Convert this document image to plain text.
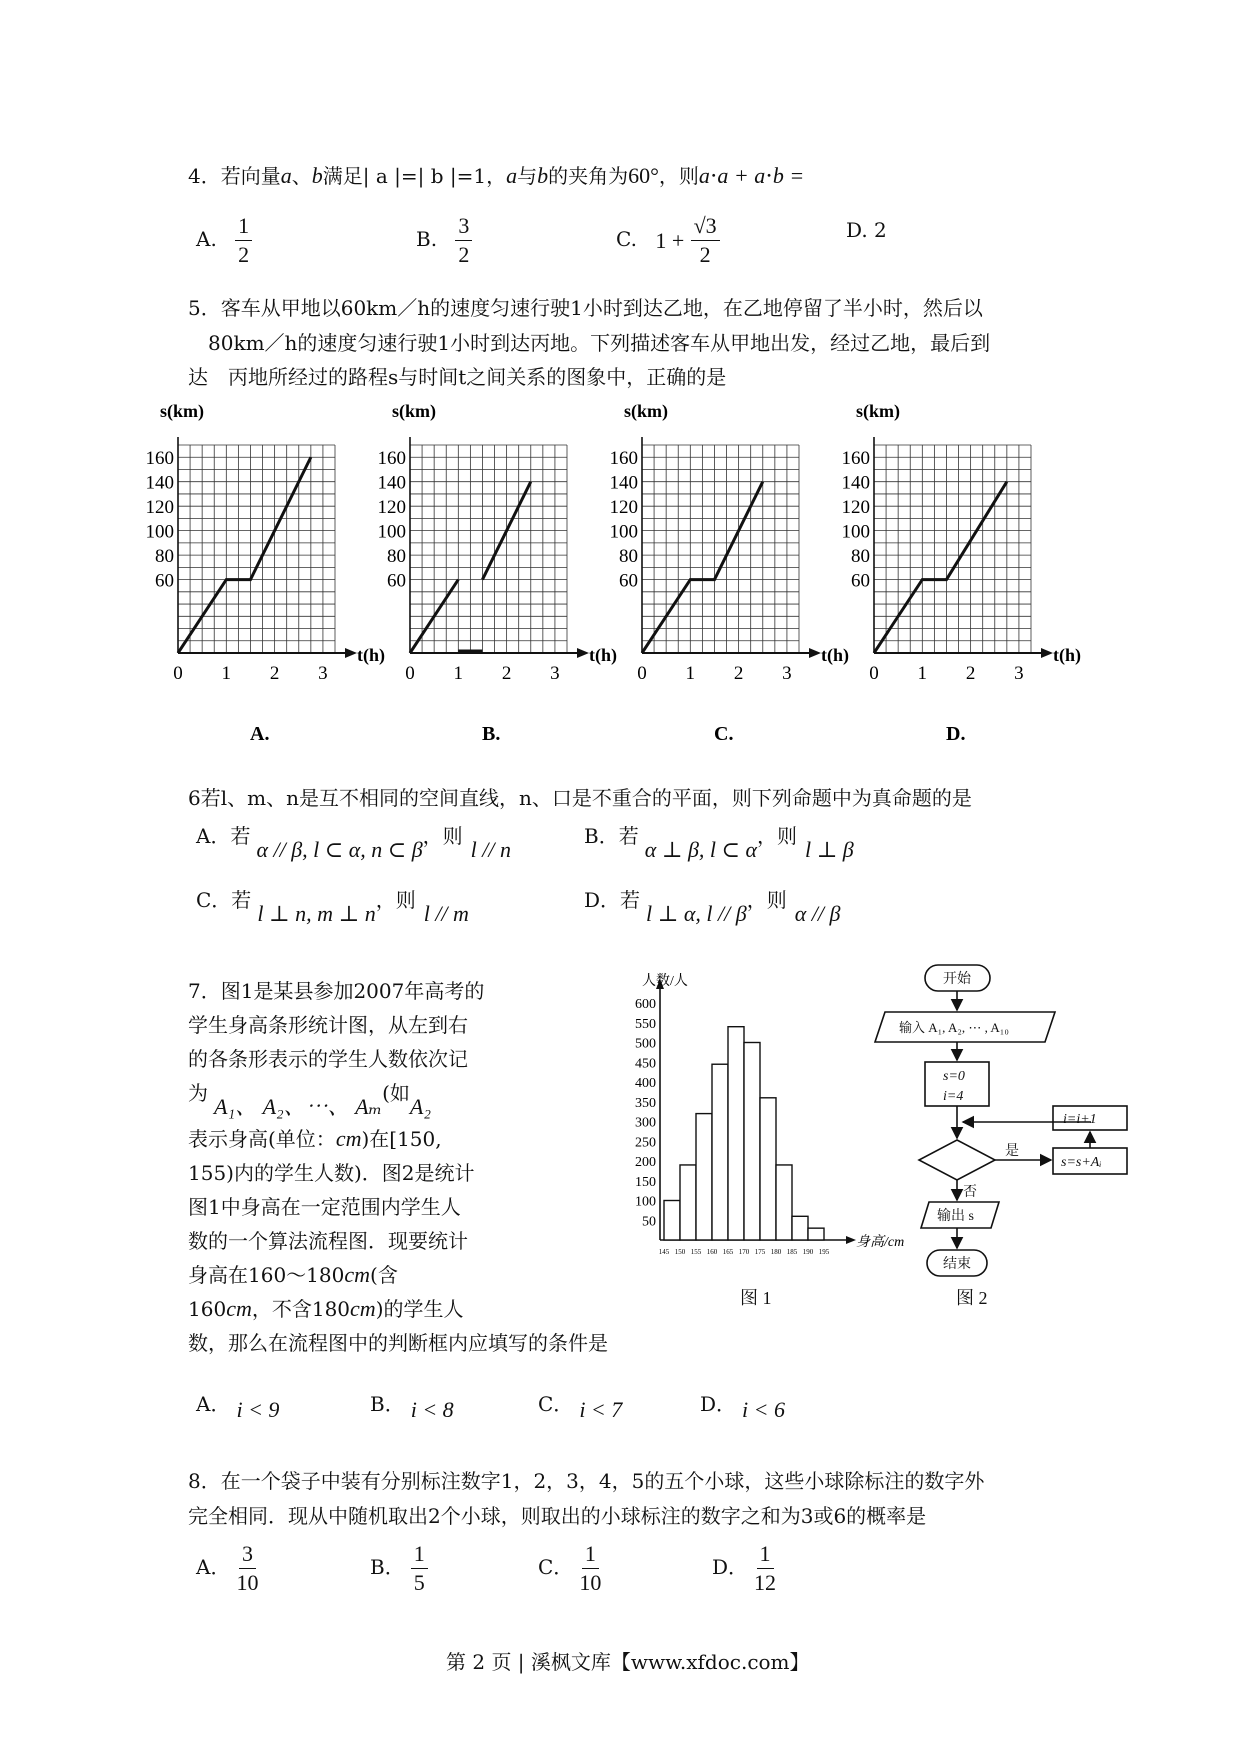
4．若向量a、b满足| a |=| b |=1，a与b的夹角为60°，则a⋅a + a⋅b =
A. $\frac{1}{2}$	B. $\frac{3}{2}$	C. $1 + \frac{√3}{2}$	D. 2
5．客车从甲地以60km／h的速度匀速行驶1小时到达乙地，在乙地停留了半小时，然后以
80km／h的速度匀速行驶1小时到达丙地。下列描述客车从甲地出发，经过乙地，最后到
达　丙地所经过的路程s与时间t之间关系的图象中，正确的是
s(km)
t(h)
160
140
120
100
80
60
0 1 2 3
A.
s(km)
t(h)
160
140
120
100
80
60
0 1 2 3
B.
s(km)
t(h)
160
140
120
100
80
60
0 1 2 3
C.
s(km)
t(h)
160
140
120
100
80
60
0 1 2 3
D.
6若l、m、n是互不相同的空间直线，n、口是不重合的平面，则下列命题中为真命题的是
A．若α // β, l ⊂ α, n ⊂ β，则l // n
B．若α ⊥ β, l ⊂ α，则l ⊥ β
C．若l ⊥ n, m ⊥ n，则l // m
D．若l ⊥ α, l // β，则α // β
7．图1是某县参加2007年高考的
学生身高条形统计图，从左到右
的各条形表示的学生人数依次记
为A₁、 A₂、⋯、 Aₘ(如A₂
表示身高(单位：cm)在[150,
155)内的学生人数)．图2是统计
图1中身高在一定范围内学生人
数的一个算法流程图．现要统计
身高在160～180cm(含
160cm，不含180cm)的学生人
数，那么在流程图中的判断框内应填写的条件是
人数/人
身高/cm
50
100
150
200
250
300
350
400
450
500
550
600
145 150 155 160 165 170 175 180 185 190 195
开始
输入 A₁, A₂, ⋯ , A₁₀
s=0
i=4
i=i+1
是
s=s+Aᵢ
否
输出 s
结束
图 1	图 2
A． i < 9	B． i < 8	C． i < 7	D． i < 6
8．在一个袋子中装有分别标注数字1，2，3，4，5的五个小球，这些小球除标注的数字外
完全相同．现从中随机取出2个小球，则取出的小球标注的数字之和为3或6的概率是
A． $\frac{3}{10}$	B． $\frac{1}{5}$	C． $\frac{1}{10}$	D． $\frac{1}{12}$
第 2 页 | 溪枫文库【www.xfdoc.com】
